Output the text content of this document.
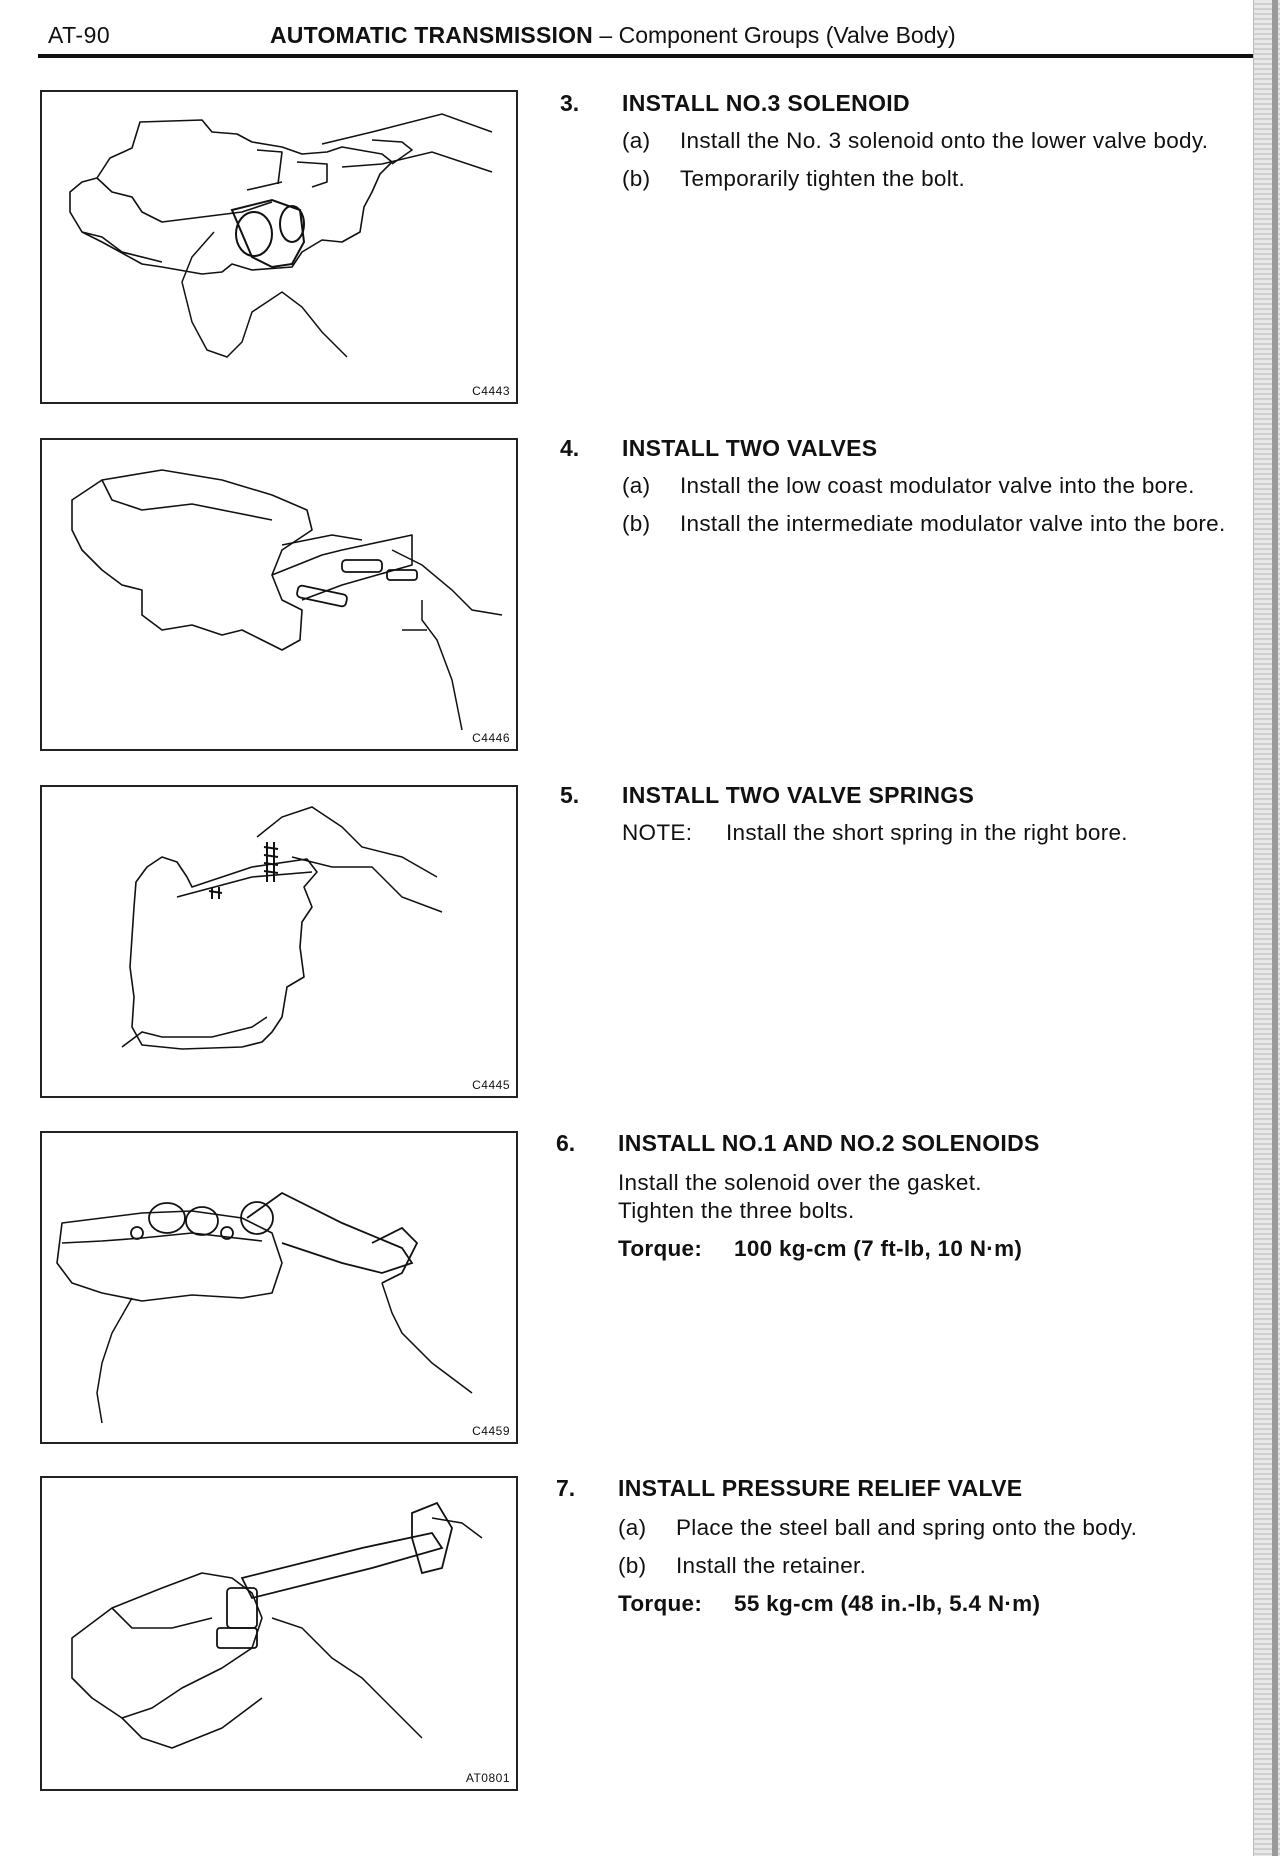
AT-90	AUTOMATIC TRANSMISSION – Component Groups (Valve Body)
C4443
C4446
C4445
C4459
AT0801
3. INSTALL NO.3 SOLENOID
(a) Install the No. 3 solenoid onto the lower valve body.
(b) Temporarily tighten the bolt.
4. INSTALL TWO VALVES
(a) Install the low coast modulator valve into the bore.
(b) Install the intermediate modulator valve into the bore.
5. INSTALL TWO VALVE SPRINGS
NOTE: Install the short spring in the right bore.
6. INSTALL NO.1 AND NO.2 SOLENOIDS
Install the solenoid over the gasket.
Tighten the three bolts.
Torque: 100 kg-cm (7 ft-lb, 10 N·m)
7. INSTALL PRESSURE RELIEF VALVE
(a) Place the steel ball and spring onto the body.
(b) Install the retainer.
Torque: 55 kg-cm (48 in.-lb, 5.4 N·m)
